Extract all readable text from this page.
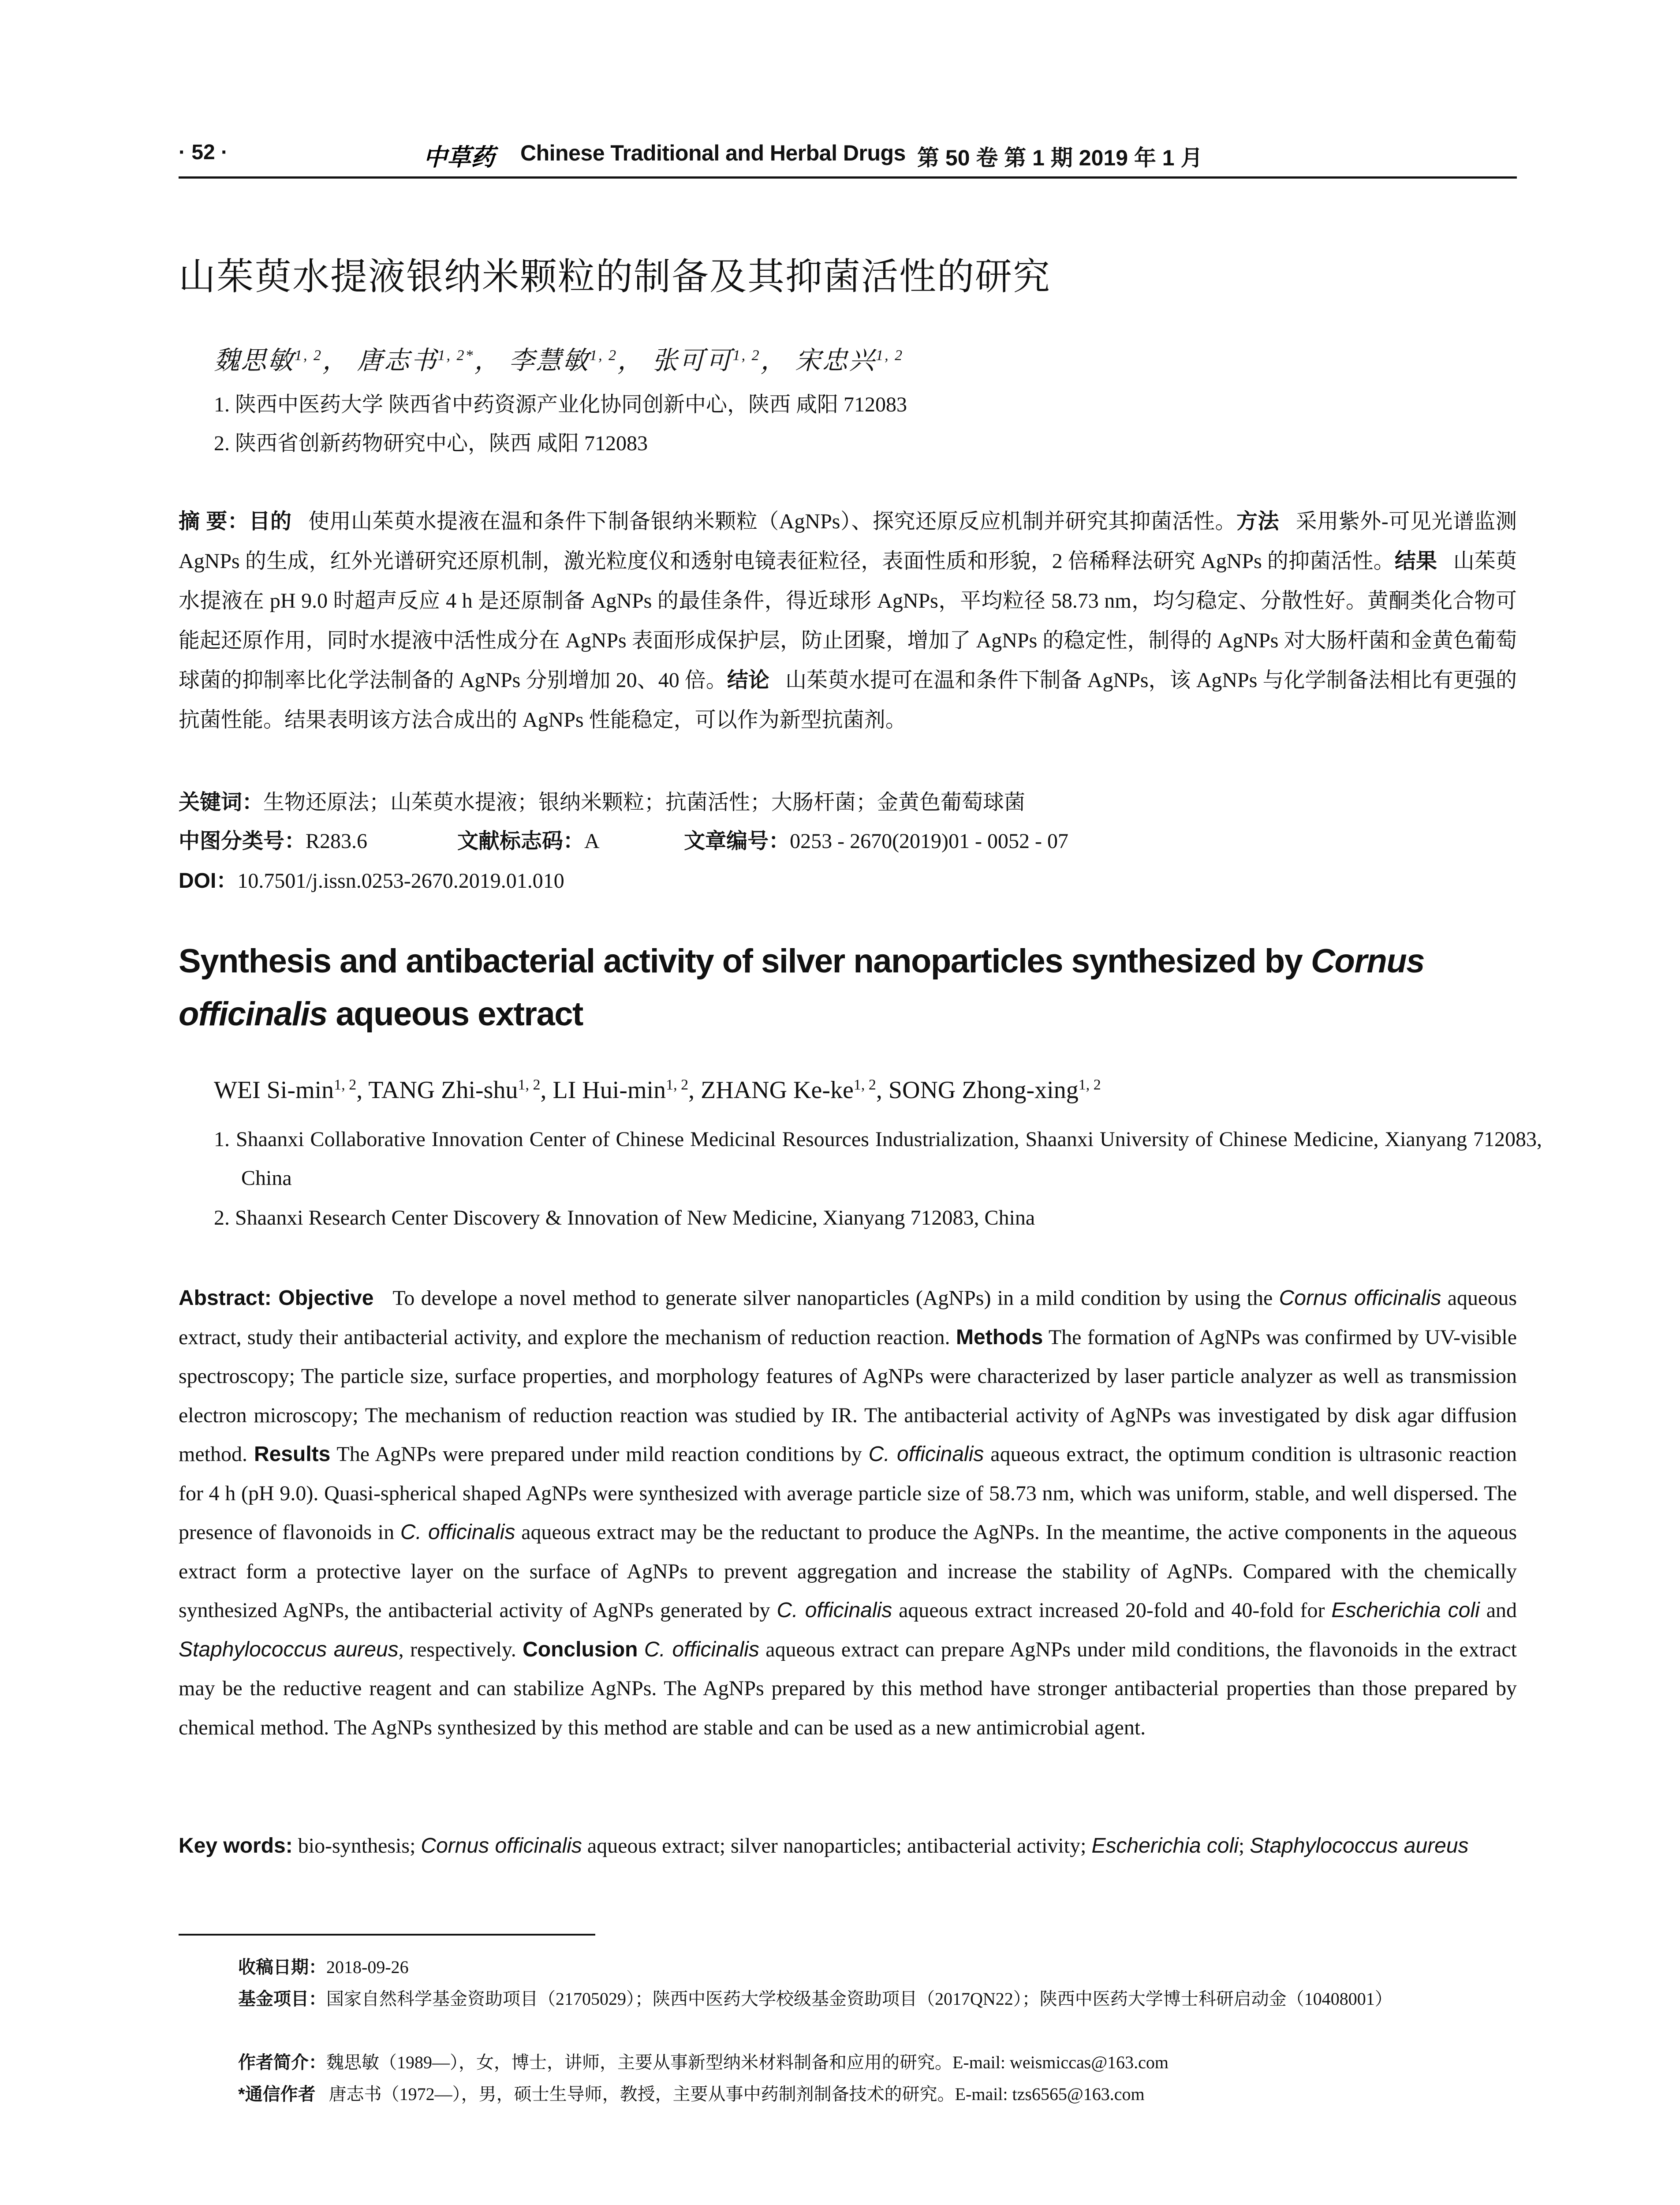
· 52 ·	中草药 Chinese Traditional and Herbal Drugs 第 50 卷 第 1 期 2019 年 1 月
山茱萸水提液银纳米颗粒的制备及其抑菌活性的研究
魏思敏$^{1, 2}$， 唐志书$^{1, 2*}$， 李慧敏$^{1, 2}$， 张可可$^{1, 2}$， 宋忠兴$^{1, 2}$
1. 陕西中医药大学 陕西省中药资源产业化协同创新中心，陕西 咸阳 712083
2. 陕西省创新药物研究中心，陕西 咸阳 712083
摘 要：目的 使用山茱萸水提液在温和条件下制备银纳米颗粒（AgNPs）、探究还原反应机制并研究其抑菌活性。方法 采用紫外-可见光谱监测 AgNPs 的生成，红外光谱研究还原机制，激光粒度仪和透射电镜表征粒径，表面性质和形貌，2 倍稀释法研究 AgNPs 的抑菌活性。结果 山茱萸水提液在 pH 9.0 时超声反应 4 h 是还原制备 AgNPs 的最佳条件，得近球形 AgNPs，平均粒径 58.73 nm，均匀稳定、分散性好。黄酮类化合物可能起还原作用，同时水提液中活性成分在 AgNPs 表面形成保护层，防止团聚，增加了 AgNPs 的稳定性，制得的 AgNPs 对大肠杆菌和金黄色葡萄球菌的抑制率比化学法制备的 AgNPs 分别增加 20、40 倍。结论 山茱萸水提可在温和条件下制备 AgNPs，该 AgNPs 与化学制备法相比有更强的抗菌性能。结果表明该方法合成出的 AgNPs 性能稳定，可以作为新型抗菌剂。
关键词：生物还原法；山茱萸水提液；银纳米颗粒；抗菌活性；大肠杆菌；金黄色葡萄球菌
中图分类号：R283.6	文献标志码：A	文章编号：0253 - 2670(2019)01 - 0052 - 07
DOI：10.7501/j.issn.0253-2670.2019.01.010
Synthesis and antibacterial activity of silver nanoparticles synthesized by Cornus officinalis aqueous extract
WEI $Si-\min^{1, 2}$, TANG Zhi-shu$^{1, 2}$, LI Hui-$\min^{1, 2}$, ZHANG Ke-ke$^{1, 2}$, SONG Zhong-xing$^{1, 2}$
1. Shaanxi Collaborative Innovation Center of Chinese Medicinal Resources Industrialization, Shaanxi University of Chinese Medicine, Xianyang 712083, China
2. Shaanxi Research Center Discovery & Innovation of New Medicine, Xianyang 712083, China
Abstract: Objective To develope a novel method to generate silver nanoparticles (AgNPs) in a mild condition by using the Cornus officinalis aqueous extract, study their antibacterial activity, and explore the mechanism of reduction reaction. Methods The formation of AgNPs was confirmed by UV-visible spectroscopy; The particle size, surface properties, and morphology features of AgNPs were characterized by laser particle analyzer as well as transmission electron microscopy; The mechanism of reduction reaction was studied by IR. The antibacterial activity of AgNPs was investigated by disk agar diffusion method. Results The AgNPs were prepared under mild reaction conditions by C. officinalis aqueous extract, the optimum condition is ultrasonic reaction for 4 h (pH 9.0). Quasi-spherical shaped AgNPs were synthesized with average particle size of 58.73 nm, which was uniform, stable, and well dispersed. The presence of flavonoids in C. officinalis aqueous extract may be the reductant to produce the AgNPs. In the meantime, the active components in the aqueous extract form a protective layer on the surface of AgNPs to prevent aggregation and increase the stability of AgNPs. Compared with the chemically synthesized AgNPs, the antibacterial activity of AgNPs generated by C. officinalis aqueous extract increased 20-fold and 40-fold for Escherichia coli and Staphylococcus aureus, respectively. Conclusion C. officinalis aqueous extract can prepare AgNPs under mild conditions, the flavonoids in the extract may be the reductive reagent and can stabilize AgNPs. The AgNPs prepared by this method have stronger antibacterial properties than those prepared by chemical method. The AgNPs synthesized by this method are stable and can be used as a new antimicrobial agent.
Key words: bio-synthesis; Cornus officinalis aqueous extract; silver nanoparticles; antibacterial activity; Escherichia coli; Staphylococcus aureus
收稿日期：2018-09-26
基金项目：国家自然科学基金资助项目（21705029）；陕西中医药大学校级基金资助项目（2017QN22）；陕西中医药大学博士科研启动金（10408001）
作者简介：魏思敏（1989—），女，博士，讲师，主要从事新型纳米材料制备和应用的研究。E-mail: weismiccas@163.com
*通信作者 唐志书（1972—），男，硕士生导师，教授，主要从事中药制剂制备技术的研究。E-mail: tzs6565@163.com
